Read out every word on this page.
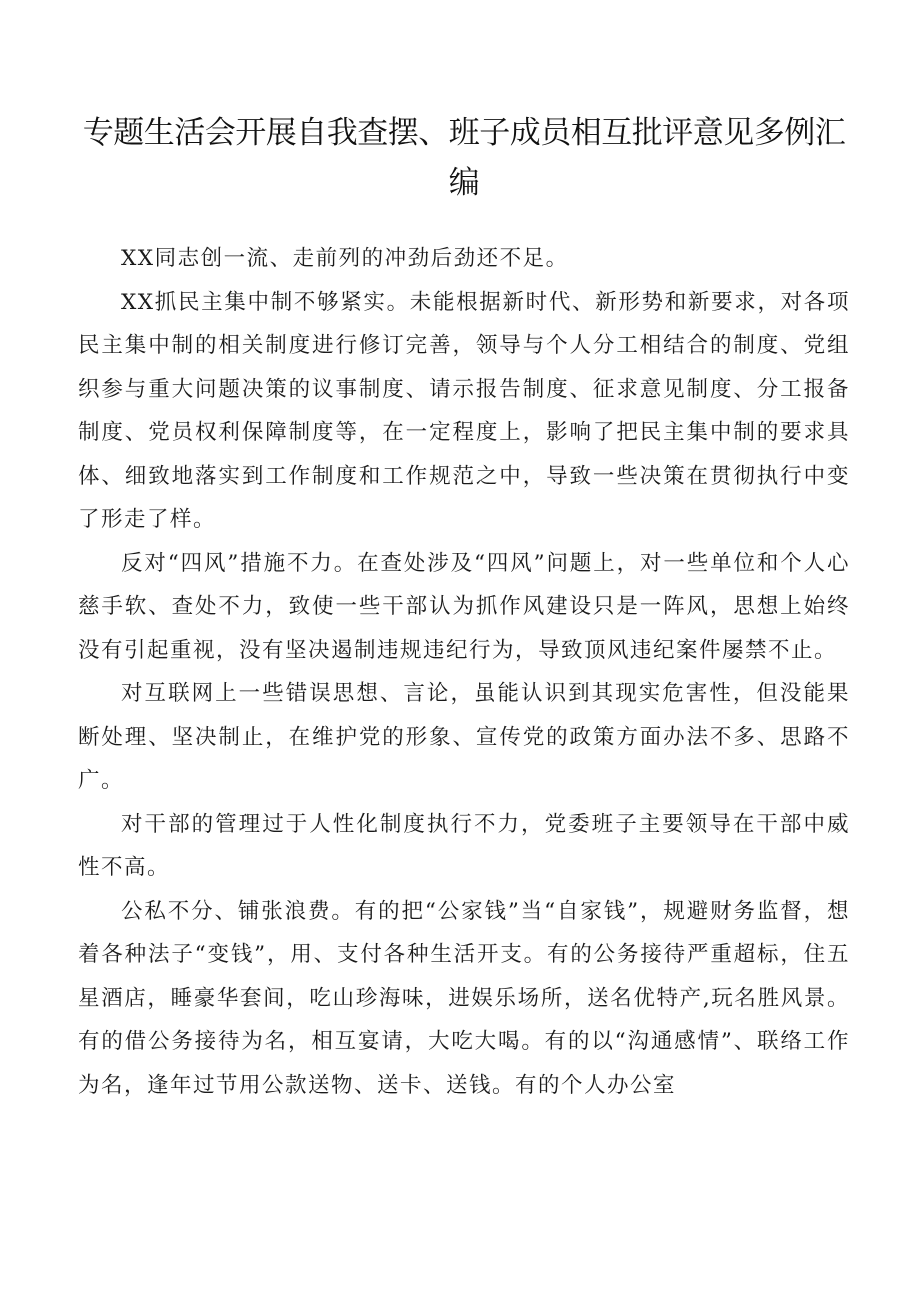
专题生活会开展自我查摆、班子成员相互批评意见多例汇编

XX同志创一流、走前列的冲劲后劲还不足。

XX抓民主集中制不够紧实。未能根据新时代、新形势和新要求，对各项民主集中制的相关制度进行修订完善，领导与个人分工相结合的制度、党组织参与重大问题决策的议事制度、请示报告制度、征求意见制度、分工报备制度、党员权利保障制度等，在一定程度上，影响了把民主集中制的要求具体、细致地落实到工作制度和工作规范之中，导致一些决策在贯彻执行中变了形走了样。

反对“四风”措施不力。在查处涉及“四风”问题上，对一些单位和个人心慈手软、查处不力，致使一些干部认为抓作风建设只是一阵风，思想上始终没有引起重视，没有坚决遏制违规违纪行为，导致顶风违纪案件屡禁不止。

对互联网上一些错误思想、言论，虽能认识到其现实危害性，但没能果断处理、坚决制止，在维护党的形象、宣传党的政策方面办法不多、思路不广。

对干部的管理过于人性化制度执行不力，党委班子主要领导在干部中威性不高。

公私不分、铺张浪费。有的把“公家钱”当“自家钱”，规避财务监督，想着各种法子“变钱”，用、支付各种生活开支。有的公务接待严重超标，住五星酒店，睡豪华套间，吃山珍海味，进娱乐场所，送名优特产,玩名胜风景。有的借公务接待为名，相互宴请，大吃大喝。有的以“沟通感情”、联络工作为名，逢年过节用公款送物、送卡、送钱。有的个人办公室
